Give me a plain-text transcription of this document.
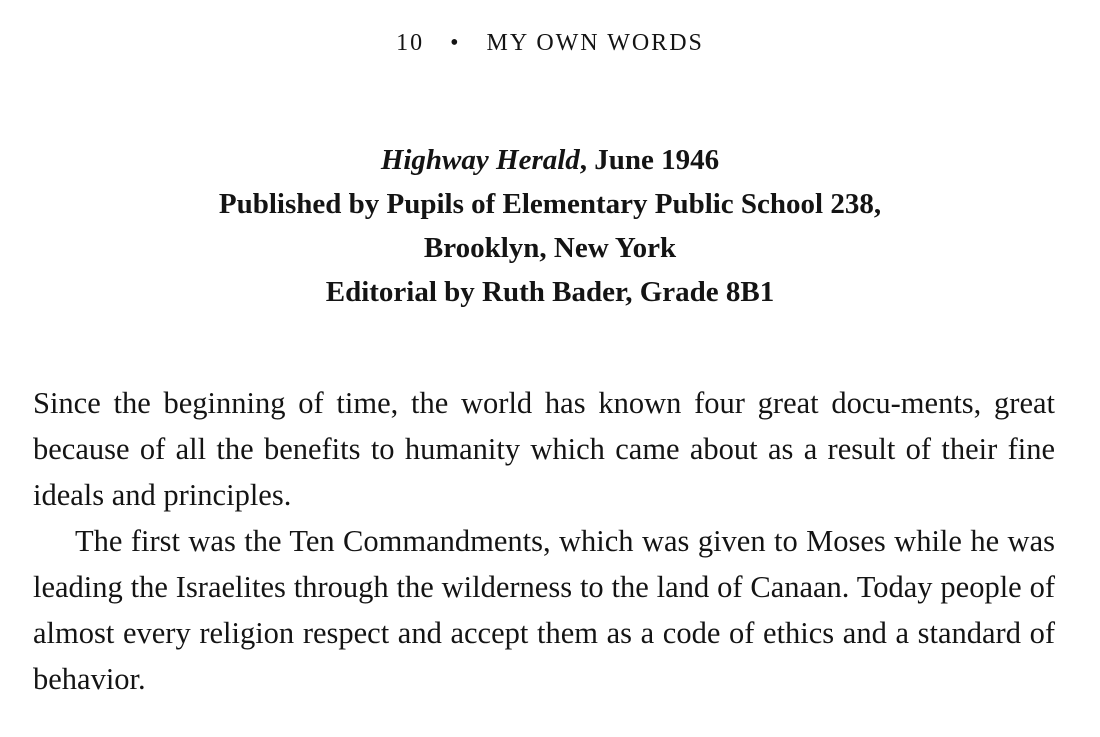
10 • MY OWN WORDS
Highway Herald, June 1946
Published by Pupils of Elementary Public School 238,
Brooklyn, New York
Editorial by Ruth Bader, Grade 8B1

Since the beginning of time, the world has known four great docu-ments, great because of all the benefits to humanity which came about as a result of their fine ideals and principles.

The first was the Ten Commandments, which was given to Moses while he was leading the Israelites through the wilderness to the land of Canaan. Today people of almost every religion respect and accept them as a code of ethics and a standard of behavior.
